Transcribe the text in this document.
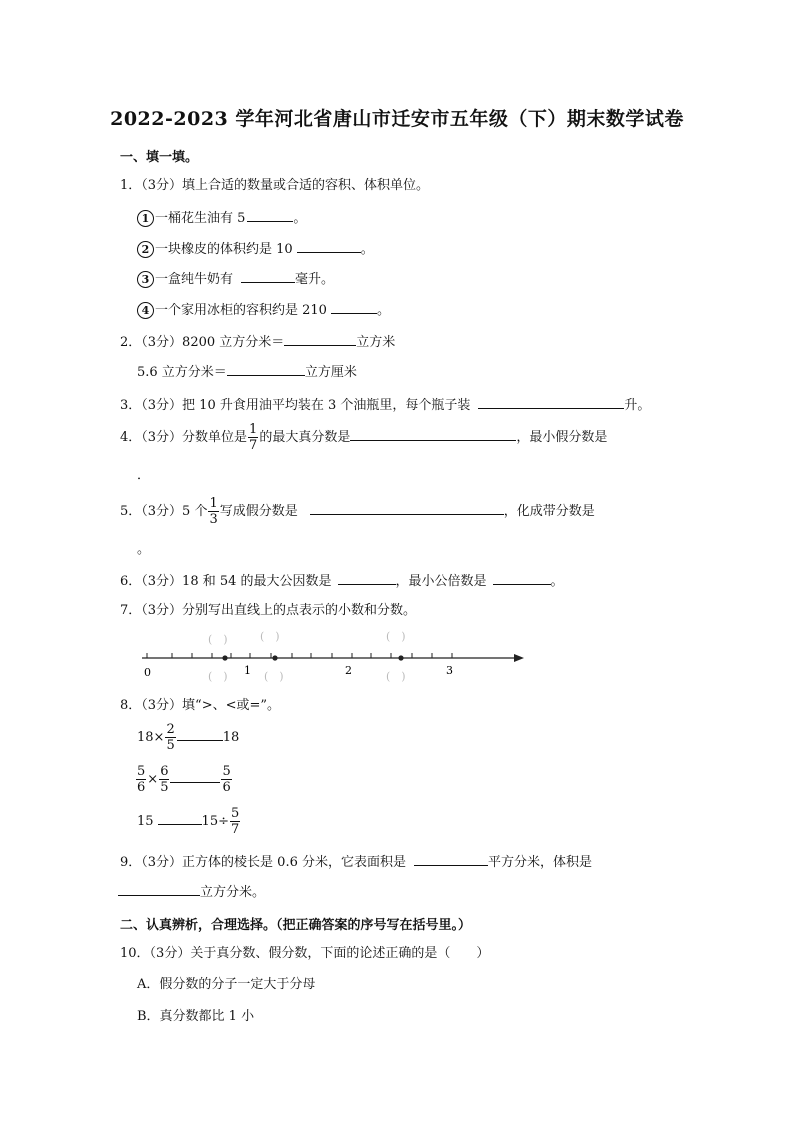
2022-2023 学年河北省唐山市迁安市五年级（下）期末数学试卷
一、填一填。
1．（3分）填上合适的数量或合适的容积、体积单位。
1 一桶花生油有 5	。
2 一块橡皮的体积约是 10	。
3 一盒纯牛奶有	毫升。
4 一个家用冰柜的容积约是 210	。
2．（3分）8200 立方分米＝	立方米
5.6 立方分米＝	立方厘米
3．（3分）把 10 升食用油平均装在 3 个油瓶里，每个瓶子装	升。
4．（3分）分数单位是 $\frac{1}{7}$ 的最大真分数是	，最小假分数是
．
5．（3分）5 个 $\frac{1}{3}$ 写成假分数是	，化成带分数是
。
6．（3分）18 和 54 的最大公因数是	，最小公倍数是	。
7．（3分）分别写出直线上的点表示的小数和分数。
0	1	2	3
(　)	(　)	(　)
(　)	(　)	(　)
8．（3分）填“>、<或=”。
$18\times \frac{2}{5}$	18
$\frac{5}{6} \times \frac{6}{5}$	$\frac{5}{6}$
15	$15\div \frac{5}{7}$
9．（3分）正方体的棱长是 0.6 分米，它表面积是	平方分米，体积是
立方分米。
二、认真辨析，合理选择。（把正确答案的序号写在括号里。）
10．（3分）关于真分数、假分数，下面的论述正确的是（　　）
A．假分数的分子一定大于分母
B．真分数都比 1 小
